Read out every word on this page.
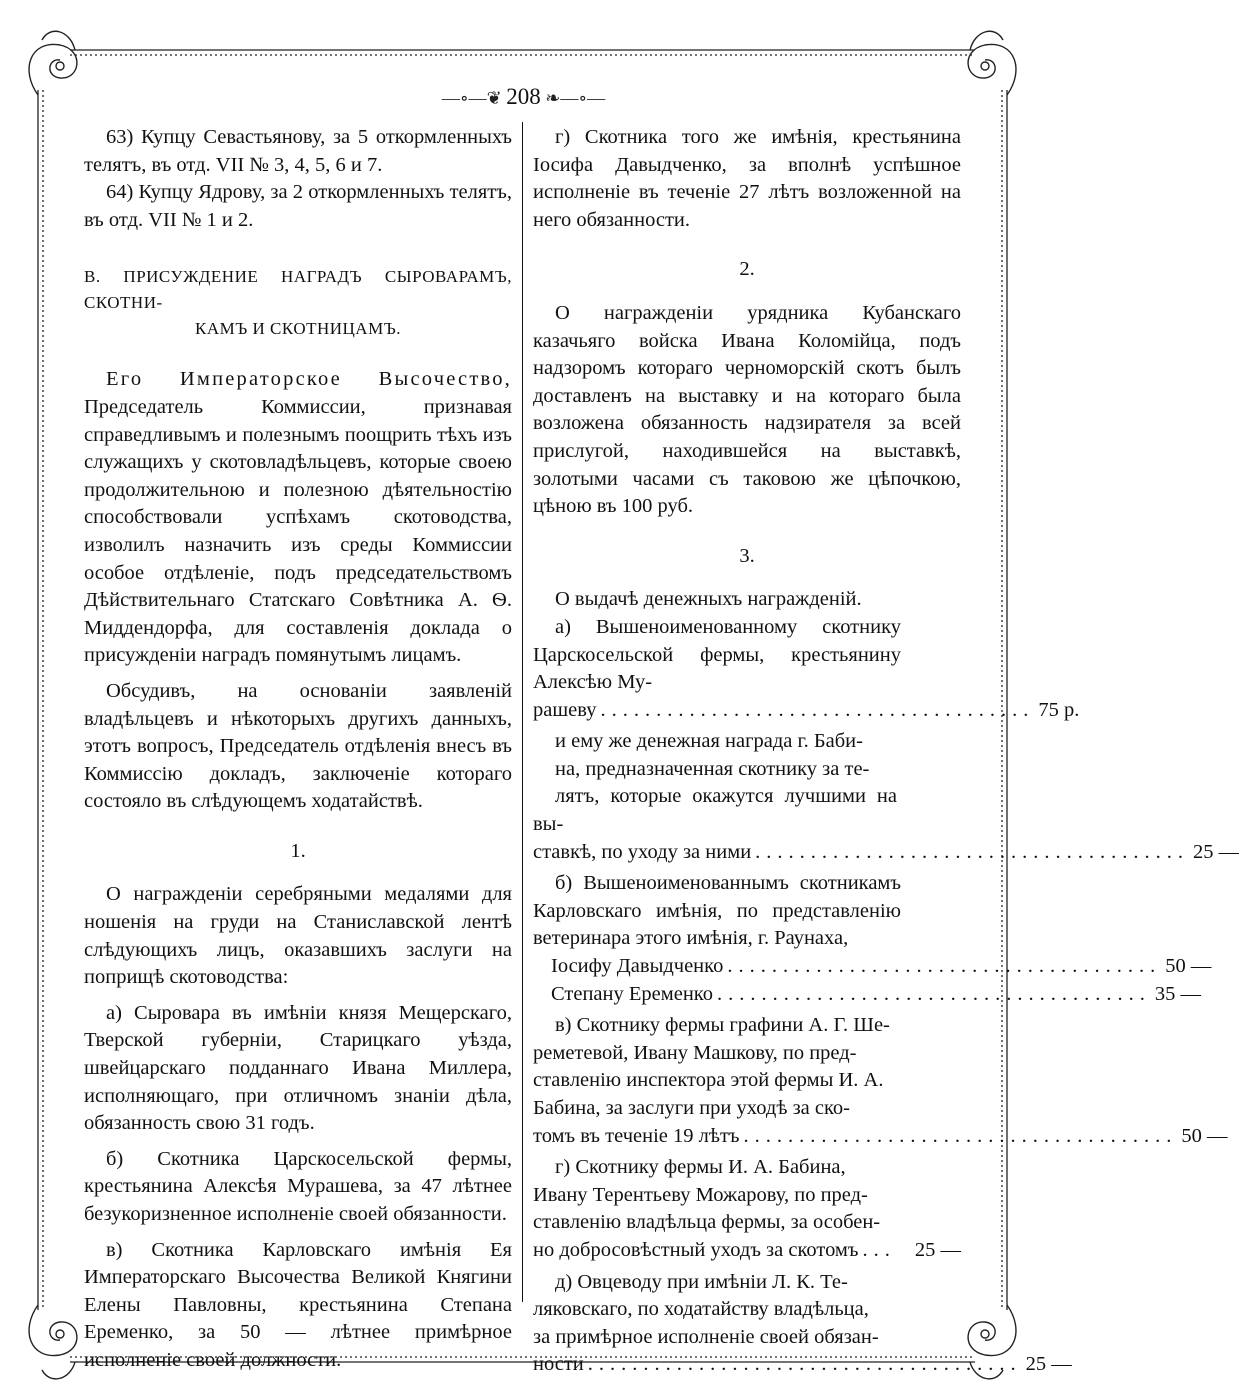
—∘—❦ 208 ❧—∘—

63) Купцу Севастьянову, за 5 откормленныхъ телятъ, въ отд. VII № 3, 4, 5, 6 и 7.

64) Купцу Ядрову, за 2 откормленныхъ телятъ, въ отд. VII № 1 и 2.

В. ПРИСУЖДЕНИЕ НАГРАДЪ СЫРОВАРАМЪ, СКОТНИ-
КАМЪ И СКОТНИЦАМЪ.

Его Императорское Высочество, Председатель Коммиссии, признавая справедливымъ и полезнымъ поощрить тѣхъ изъ служащихъ у скотовладѣльцевъ, которые своею продолжительною и полезною дѣятельностію способствовали успѣхамъ скотоводства, изволилъ назначить изъ среды Коммиссии особое отдѣленіе, подъ председательствомъ Дѣйствительнаго Статскаго Совѣтника А. Ѳ. Миддендорфа, для составленія доклада о присужденіи наградъ помянутымъ лицамъ.

Обсудивъ, на основаніи заявленій владѣльцевъ и нѣкоторыхъ другихъ данныхъ, этотъ вопросъ, Председатель отдѣленія внесъ въ Коммиссію докладъ, заключеніе котораго состояло въ слѣдующемъ ходатайствѣ.

1.

О награжденіи серебряными медалями для ношенія на груди на Станиславской лентѣ слѣдующихъ лицъ, оказавшихъ заслуги на поприщѣ скотоводства:

а) Сыровара въ имѣніи князя Мещерскаго, Тверской губерніи, Старицкаго уѣзда, швейцарскаго подданнаго Ивана Миллера, исполняющаго, при отличномъ знаніи дѣла, обязанность свою 31 годъ.

б) Скотника Царскосельской фермы, крестьянина Алексѣя Мурашева, за 47 лѣтнее безукоризненное исполненіе своей обязанности.

в) Скотника Карловскаго имѣнія Ея Императорскаго Высочества Великой Княгини Елены Павловны, крестьянина Степана Еременко, за 50 — лѣтнее примѣрное исполненіе своей должности.

г) Скотника того же имѣнія, крестьянина Іосифа Давыдченко, за вполнѣ успѣшное исполненіе въ теченіе 27 лѣтъ возложенной на него обязанности.

2.

О награжденіи урядника Кубанскаго казачьяго войска Ивана Коломійца, подъ надзоромъ котораго черноморскій скотъ былъ доставленъ на выставку и на котораго была возложена обязанность надзирателя за всей прислугой, находившейся на выставкѣ, золотыми часами съ таковою же цѣпочкою, цѣною въ 100 руб.

3.

О выдачѣ денежныхъ награжденій.

а) Вышеноименованному скотнику Царскосельской фермы, крестьянину Алексѣю Му-

рашеву ....................................... 75 р.
и ему же денежная награда г. Баби-
на, предназначенная скотнику за те-
лятъ, которые окажутся лучшими на вы-
ставкѣ, по уходу за ними ....................................... 25 —

б) Вышеноименованнымъ скотникамъ Карловскаго имѣнія, по представленію ветеринара этого имѣнія, г. Раунаха,

Іосифу Давыдченко ....................................... 50 —
Степану Еременко ....................................... 35 —
в) Скотнику фермы графини А. Г. Ше-
реметевой, Ивану Машкову, по пред-
ставленію инспектора этой фермы И. А.
Бабина, за заслуги при уходѣ за ско-
томъ въ теченіе 19 лѣтъ ....................................... 50 —
г) Скотнику фермы И. А. Бабина,
Ивану Терентьеву Можарову, по пред-
ставленію владѣльца фермы, за особен-
но добросовѣстный уходъ за скотомъ ... 25 —
д) Овцеводу при имѣніи Л. К. Те-
ляковскаго, по ходатайству владѣльца,
за примѣрное исполненіе своей обязан-
ности ....................................... 25 —
